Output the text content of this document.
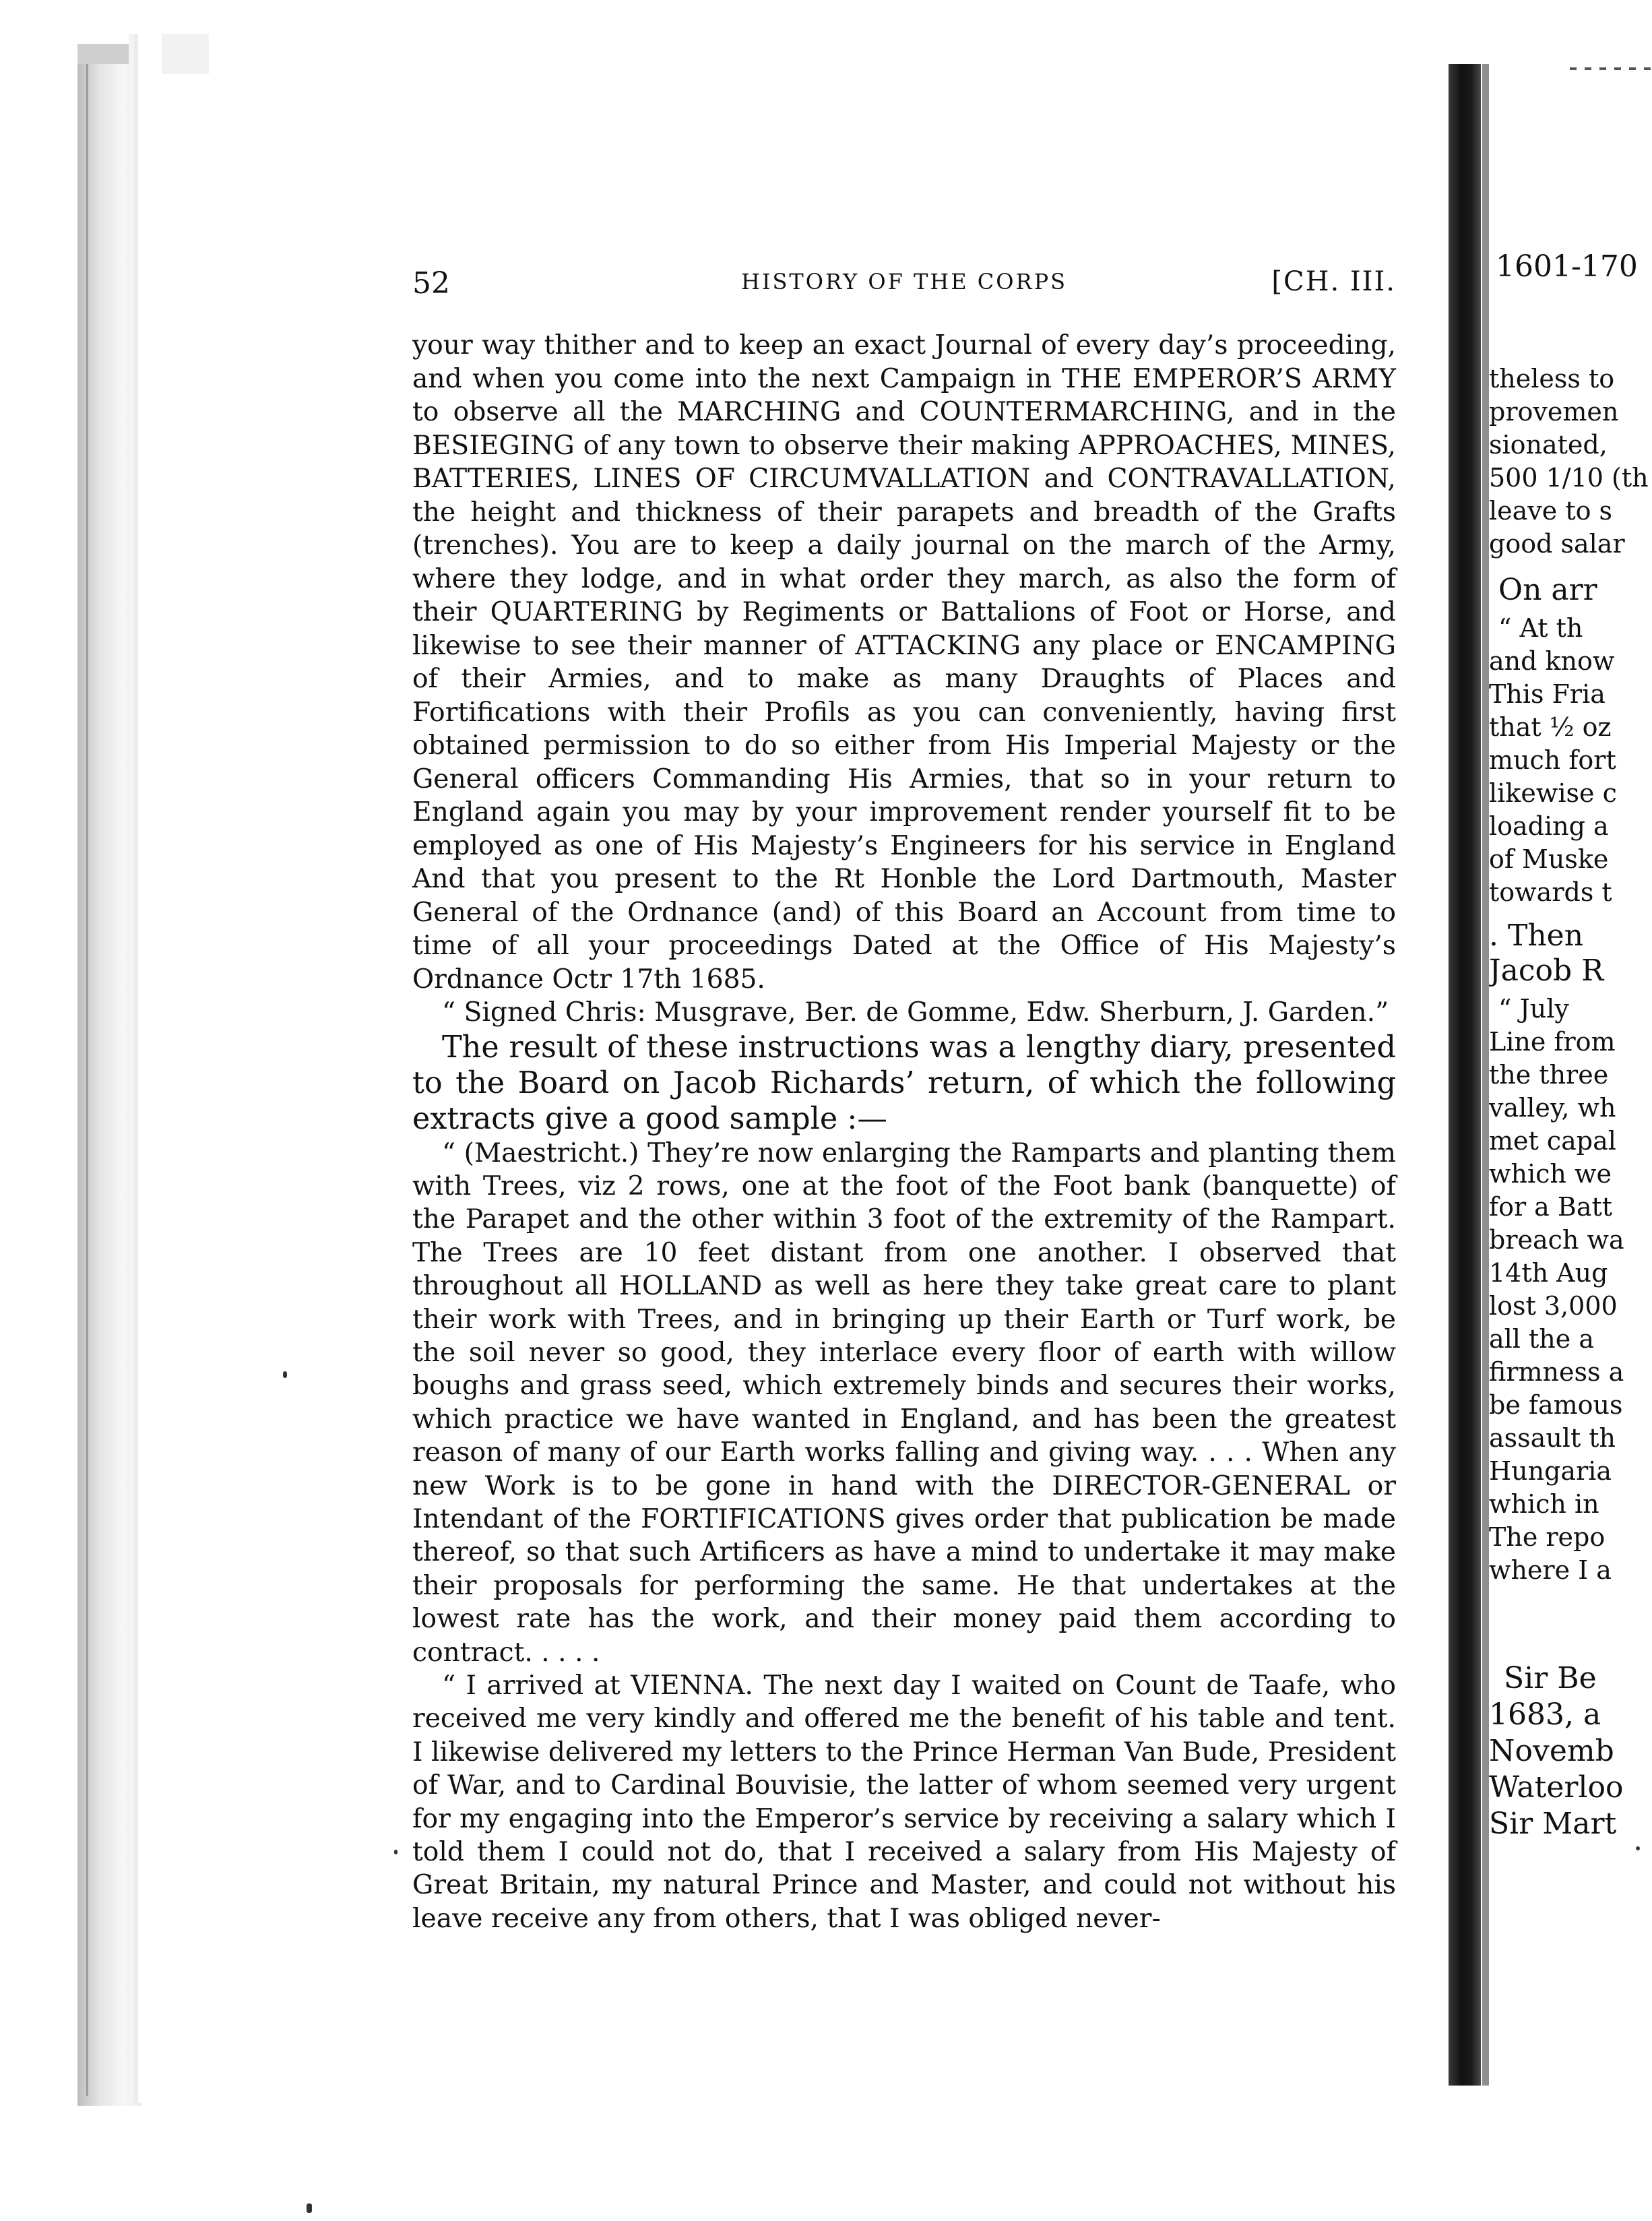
1601-170
theless to
provemen
sionated,
500 1/10 (th
leave to s
good salar
On arr
“ At th
and know
This Fria
that ½ oz
much fort
likewise c
loading a
of Muske
towards t
. Then
Jacob R
“ July
Line from
the three
valley, wh
met capal
which we
for a Batt
breach wa
14th Aug
lost 3,000
all the a
firmness a
be famous
assault th
Hungaria
which in
The repo
where I a
Sir Be
1683, a
Novemb
Waterloo
Sir Mart
52	HISTORY OF THE CORPS	[CH. III.

your way thither and to keep an exact Journal of every day’s proceeding, and when you come into the next Campaign in THE EMPEROR’S ARMY to observe all the MARCHING and COUNTERMARCHING, and in the BESIEGING of any town to observe their making APPROACHES, MINES, BATTERIES, LINES OF CIRCUMVALLATION and CONTRAVALLATION, the height and thickness of their parapets and breadth of the Grafts (trenches). You are to keep a daily journal on the march of the Army, where they lodge, and in what order they march, as also the form of their QUARTERING by Regiments or Battalions of Foot or Horse, and likewise to see their manner of ATTACKING any place or ENCAMPING of their Armies, and to make as many Draughts of Places and Fortifications with their Profils as you can conveniently, having first obtained permission to do so either from His Imperial Majesty or the General officers Commanding His Armies, that so in your return to England again you may by your improvement render yourself fit to be employed as one of His Majesty’s Engineers for his service in England And that you present to the Rt Honble the Lord Dartmouth, Master General of the Ordnance (and) of this Board an Account from time to time of all your proceedings Dated at the Office of His Majesty’s Ordnance Octr 17th 1685.

“ Signed Chris: Musgrave, Ber. de Gomme, Edw. Sherburn, J. Garden.”

The result of these instructions was a lengthy diary, presented to the Board on Jacob Richards’ return, of which the following extracts give a good sample :—

“ (Maestricht.) They’re now enlarging the Ramparts and planting them with Trees, viz 2 rows, one at the foot of the Foot bank (banquette) of the Parapet and the other within 3 foot of the extremity of the Rampart. The Trees are 10 feet distant from one another. I observed that throughout all HOLLAND as well as here they take great care to plant their work with Trees, and in bringing up their Earth or Turf work, be the soil never so good, they interlace every floor of earth with willow boughs and grass seed, which extremely binds and secures their works, which practice we have wanted in England, and has been the greatest reason of many of our Earth works falling and giving way. . . . When any new Work is to be gone in hand with the DIRECTOR-GENERAL or Intendant of the FORTIFICATIONS gives order that publication be made thereof, so that such Artificers as have a mind to undertake it may make their proposals for performing the same. He that undertakes at the lowest rate has the work, and their money paid them according to contract. . . . .

“ I arrived at VIENNA. The next day I waited on Count de Taafe, who received me very kindly and offered me the benefit of his table and tent. I likewise delivered my letters to the Prince Herman Van Bude, President of War, and to Cardinal Bouvisie, the latter of whom seemed very urgent for my engaging into the Emperor’s service by receiving a salary which I told them I could not do, that I received a salary from His Majesty of Great Britain, my natural Prince and Master, and could not without his leave receive any from others, that I was obliged never-
